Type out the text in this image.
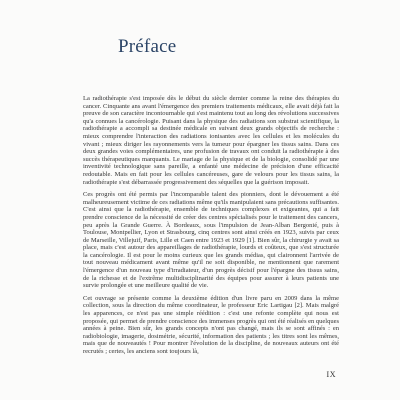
Préface

La radiothérapie s'est imposée dès le début du siècle dernier comme la reine des thérapies du cancer. Cinquante ans avant l'émergence des premiers traitements médicaux, elle avait déjà fait la preuve de son caractère incontournable qui s'est maintenu tout au long des révolutions successives qu'a connues la cancérologie. Puisant dans la physique des radiations son substrat scientifique, la radiothérapie a accompli sa destinée médicale en suivant deux grands objectifs de recherche : mieux comprendre l'interaction des radiations ionisantes avec les cellules et les molécules du vivant ; mieux diriger les rayonnements vers la tumeur pour épargner les tissus sains. Dans ces deux grandes voies complémentaires, une profusion de travaux ont conduit la radiothérapie à des succès thérapeutiques marquants. Le mariage de la physique et de la biologie, consolidé par une inventivité technologique sans pareille, a enfanté une médecine de précision d'une efficacité redoutable. Mais en fait pour les cellules cancéreuses, gare de velours pour les tissus sains, la radiothérapie s'est débarrassée progressivement des séquelles que la guérison imposait.

Ces progrès ont été permis par l'incomparable talent des pionniers, dont le dévouement a été malheureusement victime de ces radiations même qu'ils manipulaient sans précautions suffisantes. C'est ainsi que la radiothérapie, ensemble de techniques complexes et exigeantes, qui a fait prendre conscience de la nécessité de créer des centres spécialisés pour le traitement des cancers, peu après la Grande Guerre. À Bordeaux, sous l'impulsion de Jean-Alban Bergonié, puis à Toulouse, Montpellier, Lyon et Strasbourg, cinq centres sont ainsi créés en 1923, suivis par ceux de Marseille, Villejuif, Paris, Lille et Caen entre 1923 et 1929 [1]. Bien sûr, la chirurgie y avait sa place, mais c'est autour des appareillages de radiothérapie, lourds et coûteux, que s'est structurée la cancérologie. Il est pour le moins curieux que les grands médias, qui claironnent l'arrivée de tout nouveau médicament avant même qu'il ne soit disponible, ne mentionnent que rarement l'émergence d'un nouveau type d'irradiateur, d'un progrès décisif pour l'épargne des tissus sains, de la richesse et de l'extrême multidisciplinarité des équipes pour assurer à leurs patients une survie prolongée et une meilleure qualité de vie.

Cet ouvrage se présente comme la deuxième édition d'un livre paru en 2009 dans la même collection, sous la direction du même coordinateur, le professeur Eric Lartigau [2]. Mais malgré les apparences, ce n'est pas une simple réédition : c'est une refonte complète qui nous est proposée, qui permet de prendre conscience des immenses progrès qui ont été réalisés en quelques années à peine. Bien sûr, les grands concepts n'ont pas changé, mais ils se sont affinés : en radiobiologie, imagerie, dosimétrie, sécurité, information des patients ; les titres sont les mêmes, mais que de nouveautés ! Pour montrer l'évolution de la discipline, de nouveaux auteurs ont été recrutés ; certes, les anciens sont toujours là,

IX
